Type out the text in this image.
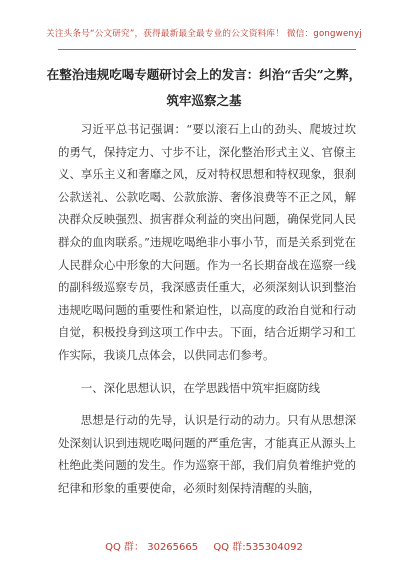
关注头条号“公文研究”，获得最新最全最专业的公文资料库！ 微信：gongwenyj
在整治违规吃喝专题研讨会上的发言：纠治“舌尖”之弊，
筑牢巡察之基

习近平总书记强调：“要以滚石上山的劲头、爬坡过坎的勇气，保持定力、寸步不让，深化整治形式主义、官僚主义、享乐主义和奢靡之风，反对特权思想和特权现象，狠刹公款送礼、公款吃喝、公款旅游、奢侈浪费等不正之风，解决群众反映强烈、损害群众利益的突出问题，确保党同人民群众的血肉联系。”违规吃喝绝非小事小节，而是关系到党在人民群众心中形象的大问题。作为一名长期奋战在巡察一线的副科级巡察专员，我深感责任重大，必须深刻认识到整治违规吃喝问题的重要性和紧迫性，以高度的政治自觉和行动自觉，积极投身到这项工作中去。下面，结合近期学习和工作实际，我谈几点体会，以供同志们参考。

一、深化思想认识，在学思践悟中筑牢拒腐防线

思想是行动的先导，认识是行动的动力。只有从思想深处深刻认识到违规吃喝问题的严重危害，才能真正从源头上杜绝此类问题的发生。作为巡察干部，我们肩负着维护党的纪律和形象的重要使命，必须时刻保持清醒的头脑，

QQ 群： 30265665 QQ 群:535304092
